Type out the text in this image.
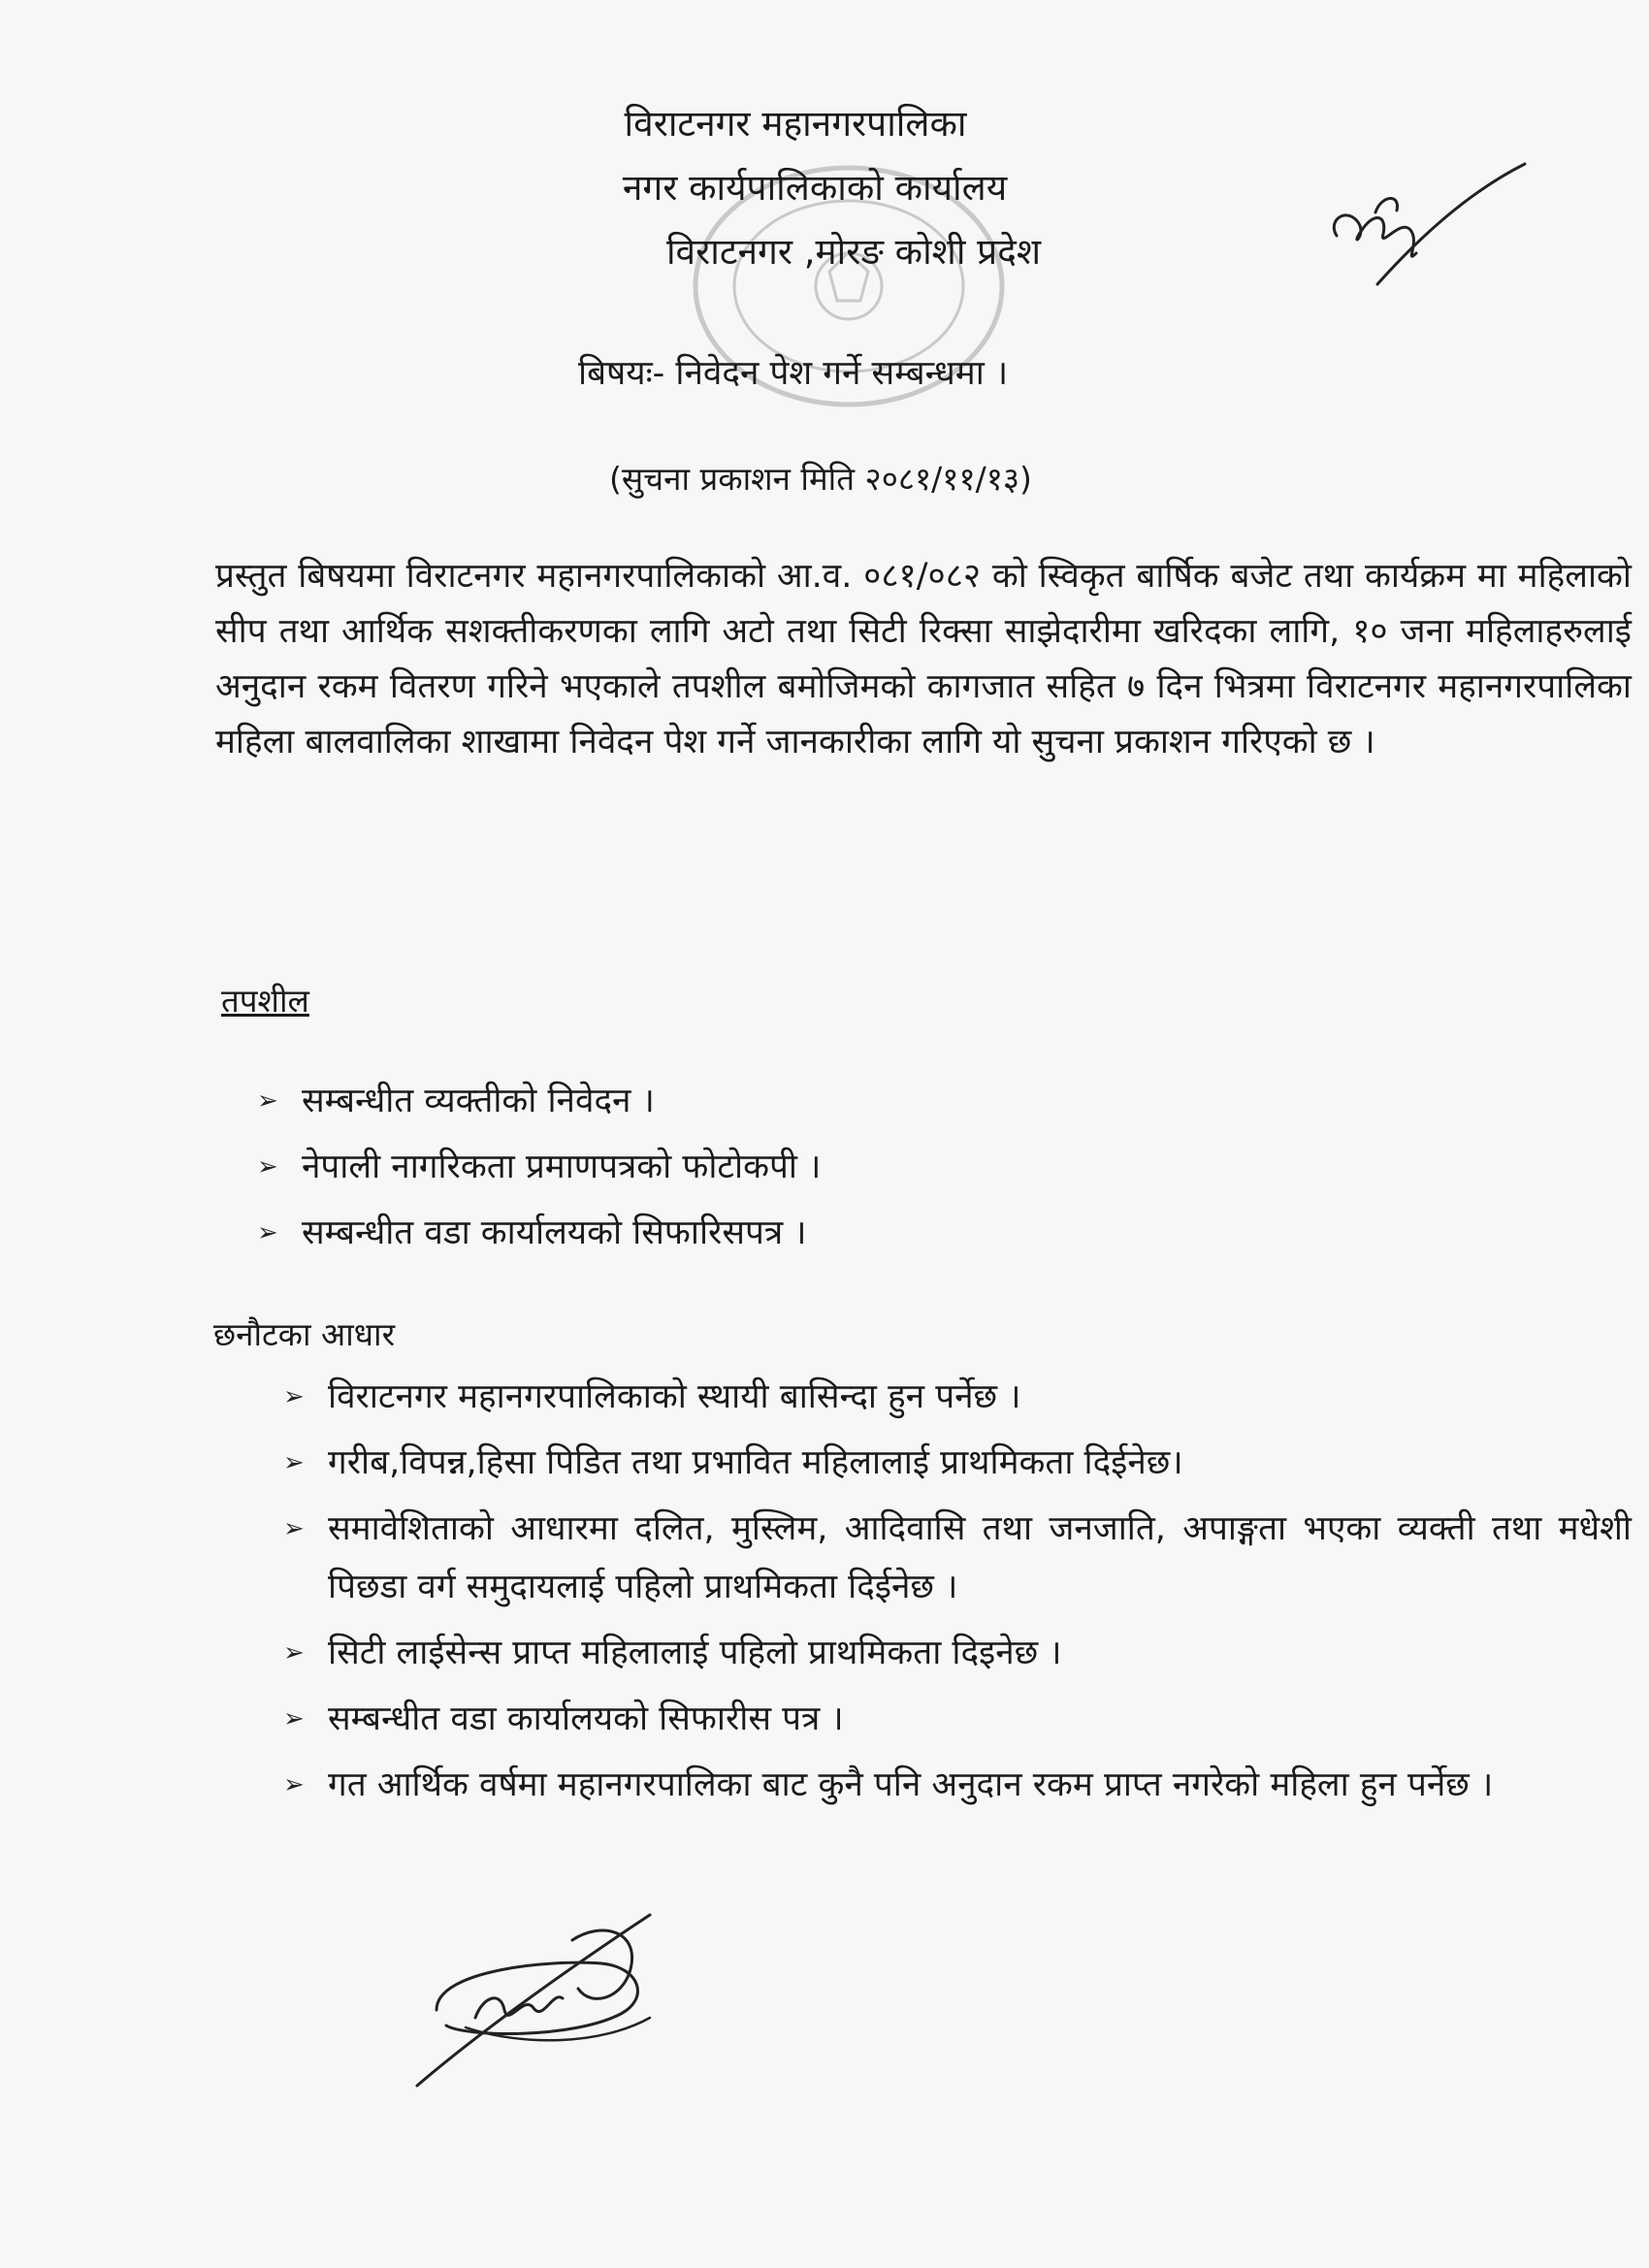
विराटनगर महानगरपालिका
नगर कार्यपालिकाको कार्यालय
विराटनगर ,मोरङ कोशी प्रदेश
बिषयः- निवेदन पेश गर्ने सम्बन्धमा ।
(सुचना प्रकाशन मिति २०८१/११/१३)

प्रस्तुत बिषयमा विराटनगर महानगरपालिकाको आ.व. ०८१/०८२ को स्विकृत बार्षिक बजेट तथा कार्यक्रम मा महिलाको सीप तथा आर्थिक सशक्तीकरणका लागि अटो तथा सिटी रिक्सा साझेदारीमा खरिदका लागि, १० जना महिलाहरुलाई अनुदान रकम वितरण गरिने भएकाले तपशील बमोजिमको कागजात सहित ७ दिन भित्रमा विराटनगर महानगरपालिका महिला बालवालिका शाखामा निवेदन पेश गर्ने जानकारीका लागि यो सुचना प्रकाशन गरिएको छ ।

तपशील
➢ सम्बन्धीत व्यक्तीको निवेदन ।
➢ नेपाली नागरिकता प्रमाणपत्रको फोटोकपी ।
➢ सम्बन्धीत वडा कार्यालयको सिफारिसपत्र ।
छनौटका आधार
➢ विराटनगर महानगरपालिकाको स्थायी बासिन्दा हुन पर्नेछ ।
➢ गरीब,विपन्न,हिसा पिडित तथा प्रभावित महिलालाई प्राथमिकता दिईनेछ।
➢ समावेशिताको आधारमा दलित, मुस्लिम, आदिवासि तथा जनजाति, अपाङ्गता भएका व्यक्ती तथा मधेशी पिछडा वर्ग समुदायलाई पहिलो प्राथमिकता दिईनेछ ।
➢ सिटी लाईसेन्स प्राप्त महिलालाई पहिलो प्राथमिकता दिइनेछ ।
➢ सम्बन्धीत वडा कार्यालयको सिफारीस पत्र ।
➢ गत आर्थिक वर्षमा महानगरपालिका बाट कुनै पनि अनुदान रकम प्राप्त नगरेको महिला हुन पर्नेछ ।
